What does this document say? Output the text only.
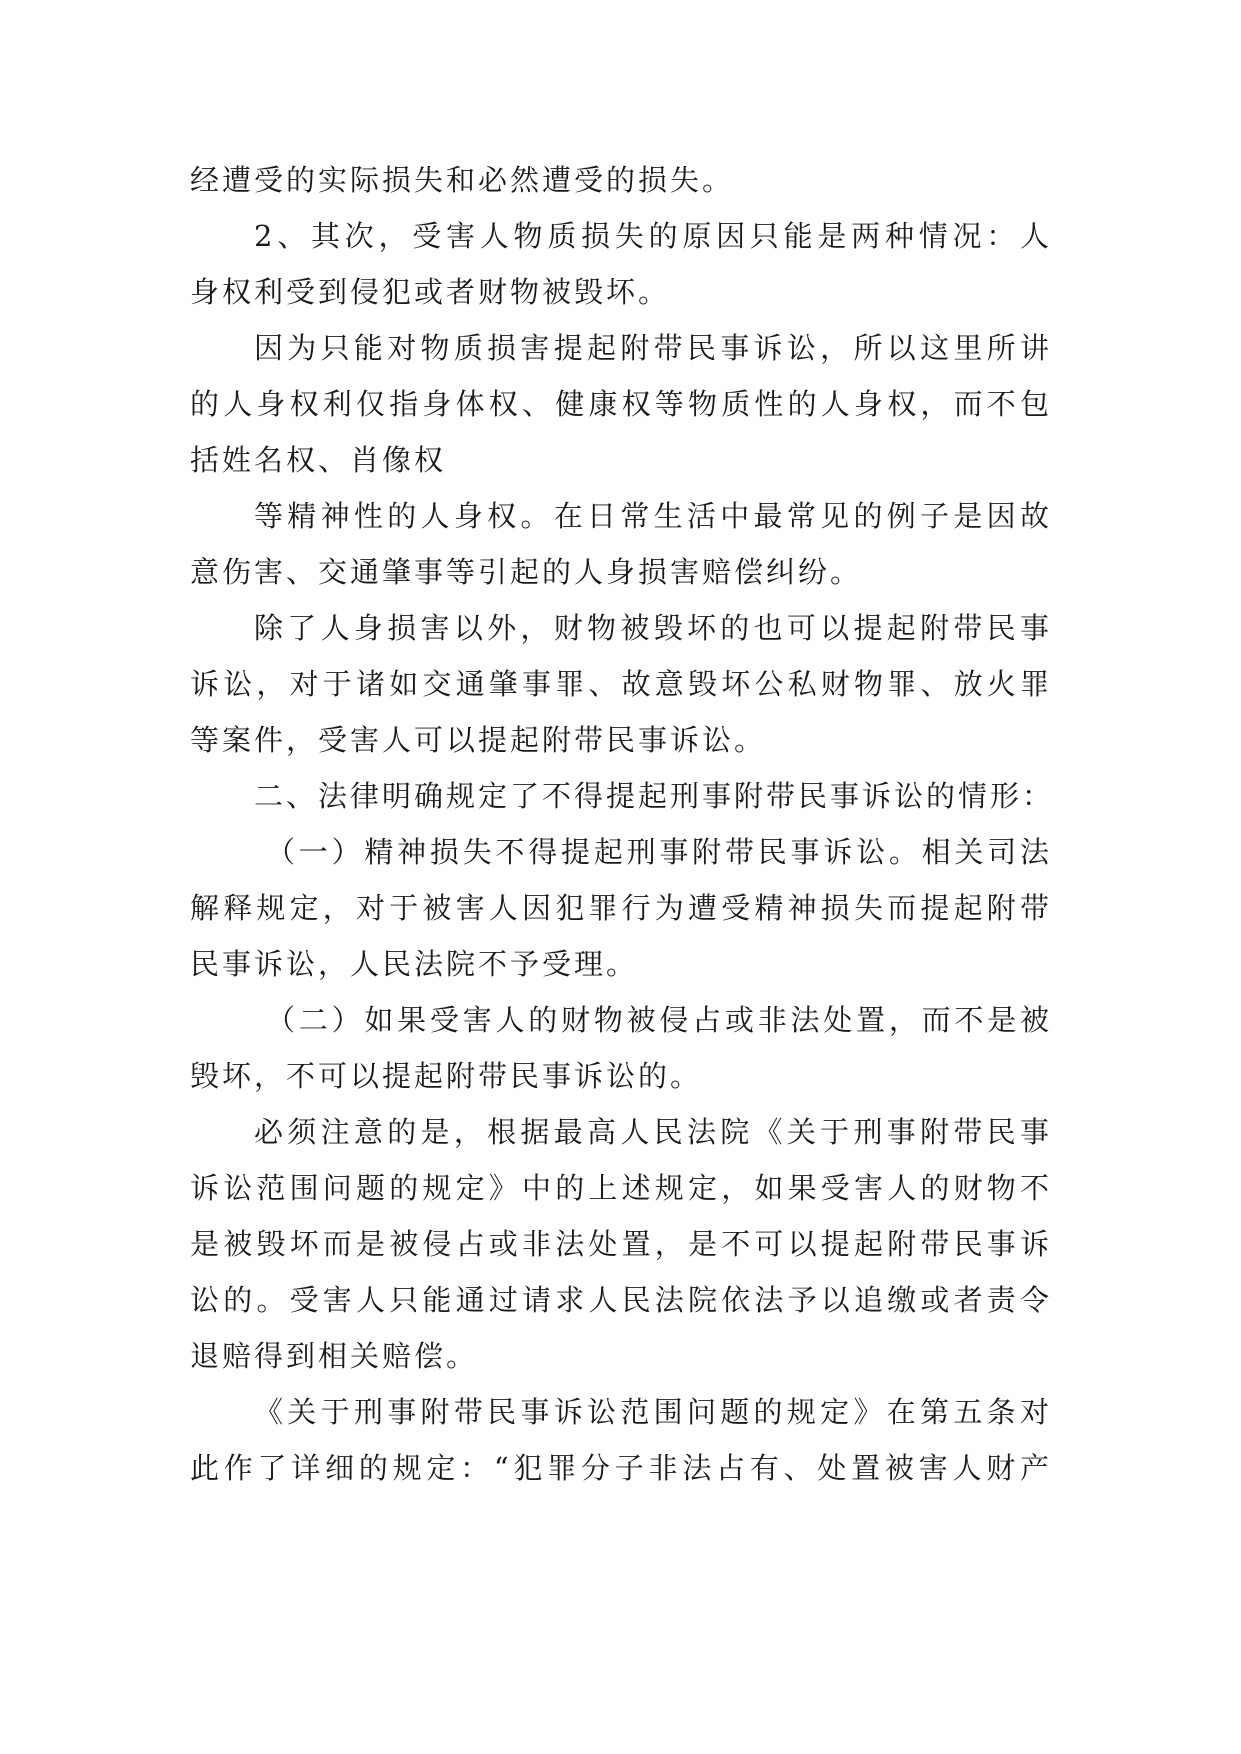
经遭受的实际损失和必然遭受的损失。
2、其次，受害人物质损失的原因只能是两种情况：人
身权利受到侵犯或者财物被毁坏。
因为只能对物质损害提起附带民事诉讼，所以这里所讲
的人身权利仅指身体权、健康权等物质性的人身权，而不包
括姓名权、肖像权
等精神性的人身权。在日常生活中最常见的例子是因故
意伤害、交通肇事等引起的人身损害赔偿纠纷。
除了人身损害以外，财物被毁坏的也可以提起附带民事
诉讼，对于诸如交通肇事罪、故意毁坏公私财物罪、放火罪
等案件，受害人可以提起附带民事诉讼。
二、法律明确规定了不得提起刑事附带民事诉讼的情形：
（一）精神损失不得提起刑事附带民事诉讼。相关司法
解释规定，对于被害人因犯罪行为遭受精神损失而提起附带
民事诉讼，人民法院不予受理。
（二）如果受害人的财物被侵占或非法处置，而不是被
毁坏，不可以提起附带民事诉讼的。
必须注意的是，根据最高人民法院《关于刑事附带民事
诉讼范围问题的规定》中的上述规定，如果受害人的财物不
是被毁坏而是被侵占或非法处置，是不可以提起附带民事诉
讼的。受害人只能通过请求人民法院依法予以追缴或者责令
退赔得到相关赔偿。
《关于刑事附带民事诉讼范围问题的规定》在第五条对
此作了详细的规定：“犯罪分子非法占有、处置被害人财产
